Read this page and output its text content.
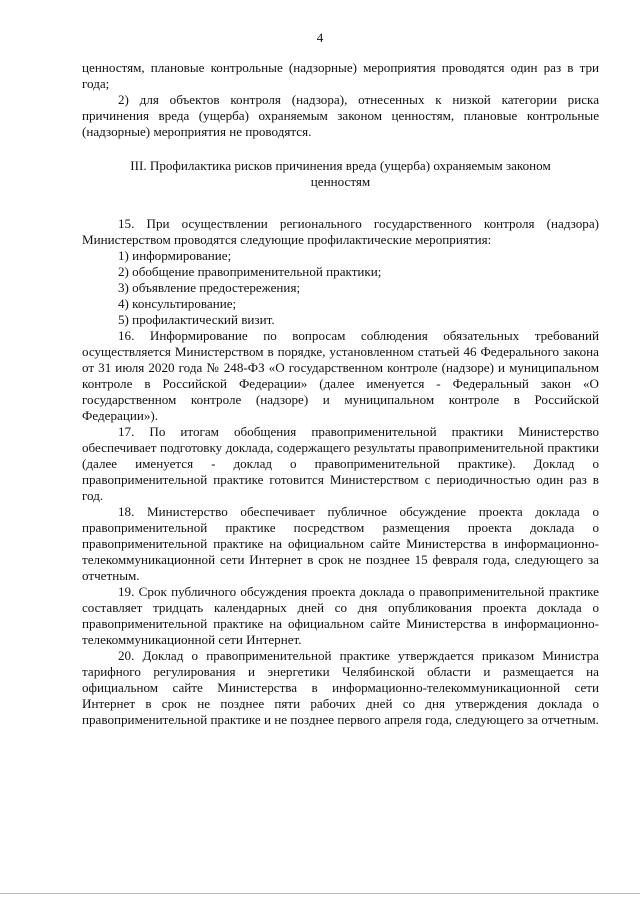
4

ценностям, плановые контрольные (надзорные) мероприятия проводятся один раз в три года;

2) для объектов контроля (надзора), отнесенных к низкой категории риска причинения вреда (ущерба) охраняемым законом ценностям, плановые контрольные (надзорные) мероприятия не проводятся.

III. Профилактика рисков причинения вреда (ущерба) охраняемым законом ценностям

15. При осуществлении регионального государственного контроля (надзора) Министерством проводятся следующие профилактические мероприятия:

1) информирование;

2) обобщение правоприменительной практики;

3) объявление предостережения;

4) консультирование;

5) профилактический визит.

16. Информирование по вопросам соблюдения обязательных требований осуществляется Министерством в порядке, установленном статьей 46 Федерального закона от 31 июля 2020 года № 248-ФЗ «О государственном контроле (надзоре) и муниципальном контроле в Российской Федерации» (далее именуется - Федеральный закон «О государственном контроле (надзоре) и муниципальном контроле в Российской Федерации»).

17. По итогам обобщения правоприменительной практики Министерство обеспечивает подготовку доклада, содержащего результаты правоприменительной практики (далее именуется - доклад о правоприменительной практике). Доклад о правоприменительной практике готовится Министерством с периодичностью один раз в год.

18. Министерство обеспечивает публичное обсуждение проекта доклада о правоприменительной практике посредством размещения проекта доклада о правоприменительной практике на официальном сайте Министерства в информационно-телекоммуникационной сети Интернет в срок не позднее 15 февраля года, следующего за отчетным.

19. Срок публичного обсуждения проекта доклада о правоприменительной практике составляет тридцать календарных дней со дня опубликования проекта доклада о правоприменительной практике на официальном сайте Министерства в информационно-телекоммуникационной сети Интернет.

20. Доклад о правоприменительной практике утверждается приказом Министра тарифного регулирования и энергетики Челябинской области и размещается на официальном сайте Министерства в информационно-телекоммуникационной сети Интернет в срок не позднее пяти рабочих дней со дня утверждения доклада о правоприменительной практике и не позднее первого апреля года, следующего за отчетным.
